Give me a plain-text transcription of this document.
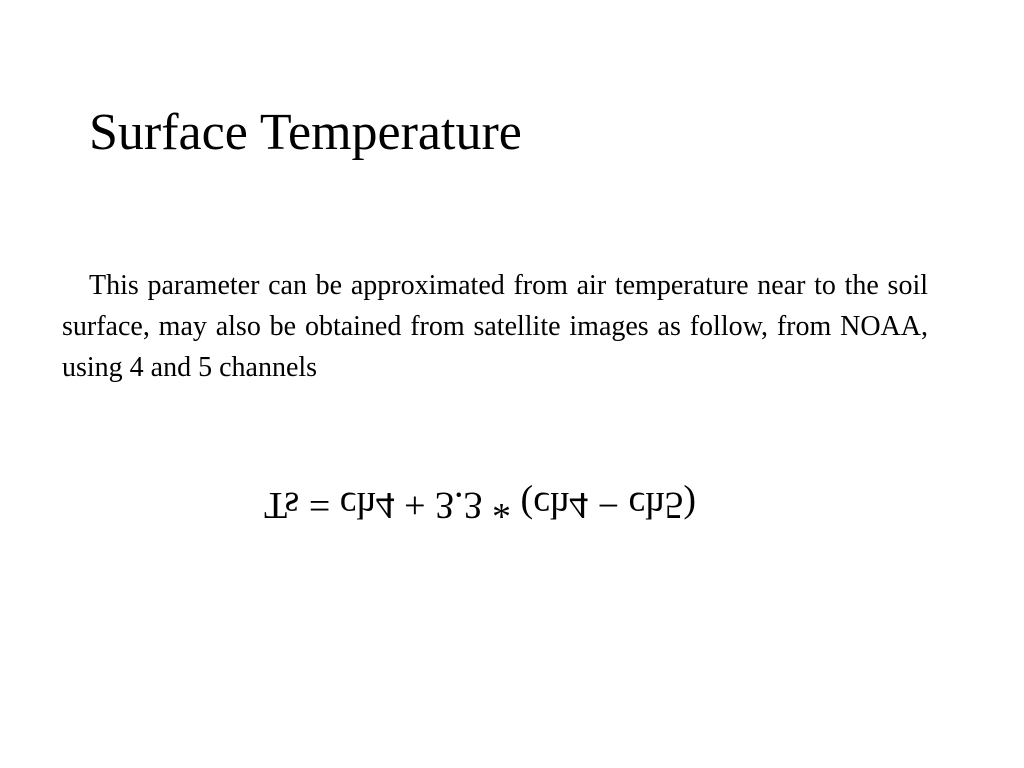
Surface Temperature
This parameter can be approximated from air temperature near to the soil surface, may also be obtained from satellite images as follow, from NOAA, using 4 and 5 channels
Ts = ch4 + 3.3 * (ch4 − ch5)
